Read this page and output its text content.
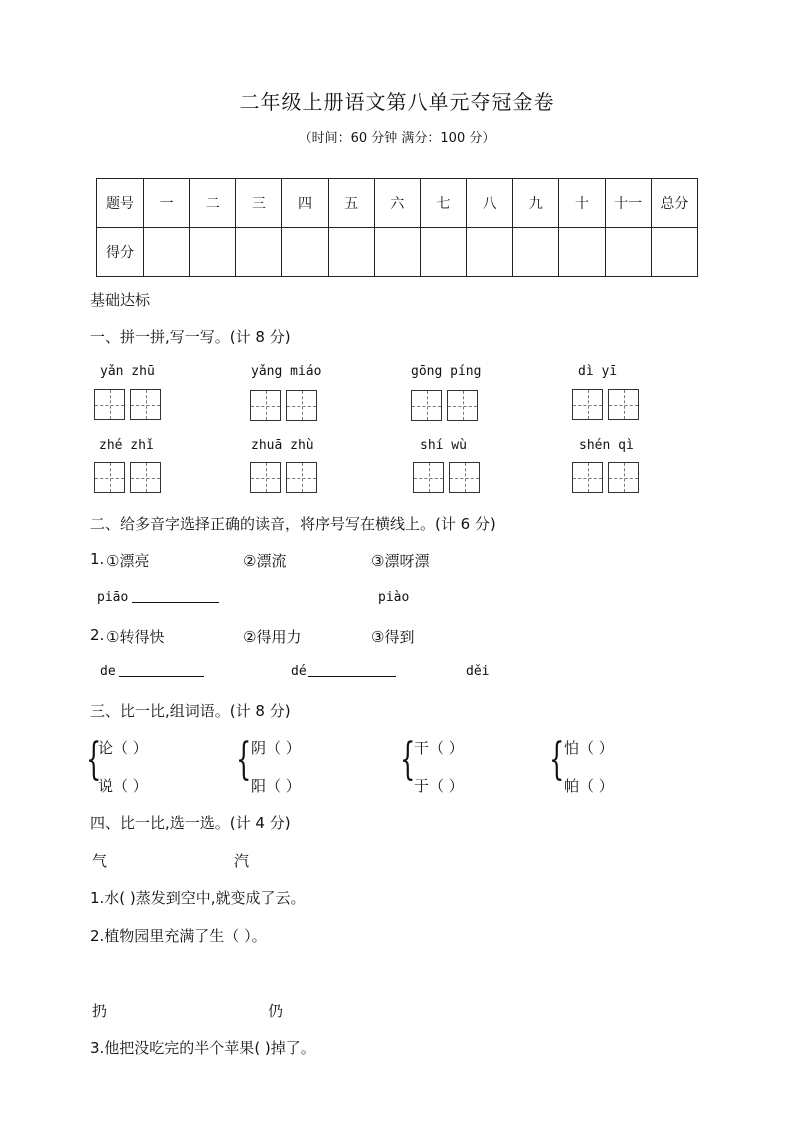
二年级上册语文第八单元夺冠金卷
（时间：60 分钟 满分：100 分）
题号	一	二	三	四	五	六	七	八	九	十	十一	总分
得分												
基础达标
一、拼一拼,写一写。(计 8 分)
yǎn zhū	yǎng miáo	gōng píng	dì yī
zhé zhǐ	zhuā zhù	shí wù	shén qì
二、给多音字选择正确的读音，将序号写在横线上。(计 6 分)
1. ①漂亮	②漂流	③漂呀漂
piāo	piào
2. ①转得快	②得用力	③得到
de	dé	děi
三、比一比,组词语。(计 8 分)
{
论（ ）
说（ ）
{ 阴（ ）
阳（ ）
{
干（ ）
于（ ）
{ 怕（ ）
帕（ ）
四、比一比,选一选。(计 4 分)
气	汽
1.水( )蒸发到空中,就变成了云。
2.植物园里充满了生（ ）。
扔	仍
3.他把没吃完的半个苹果( )掉了。
